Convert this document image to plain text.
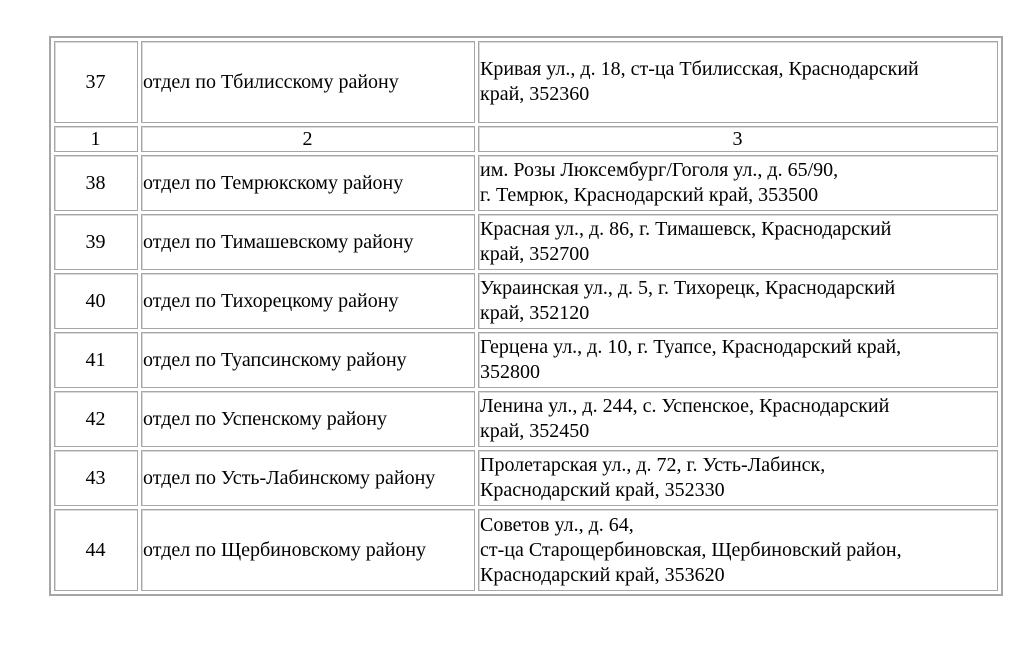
37	отдел по Тбилисскому району	Кривая ул., д. 18, ст-ца Тбилисская, Краснодарский
край, 352360

1	2	3
38	отдел по Темрюкскому району	им. Розы Люксембург/Гоголя ул., д. 65/90,
г. Темрюк, Краснодарский край, 353500

39	отдел по Тимашевскому району	Красная ул., д. 86, г. Тимашевск, Краснодарский
край, 352700

40	отдел по Тихорецкому району	Украинская ул., д. 5, г. Тихорецк, Краснодарский
край, 352120

41	отдел по Туапсинскому району	Герцена ул., д. 10, г. Туапсе, Краснодарский край,
352800

42	отдел по Успенскому району	Ленина ул., д. 244, с. Успенское, Краснодарский
край, 352450

43	отдел по Усть-Лабинскому району	Пролетарская ул., д. 72, г. Усть-Лабинск,
Краснодарский край, 352330

44	отдел по Щербиновскому району	Советов ул., д. 64,
ст-ца Старощербиновская, Щербиновский район,
Краснодарский край, 353620
